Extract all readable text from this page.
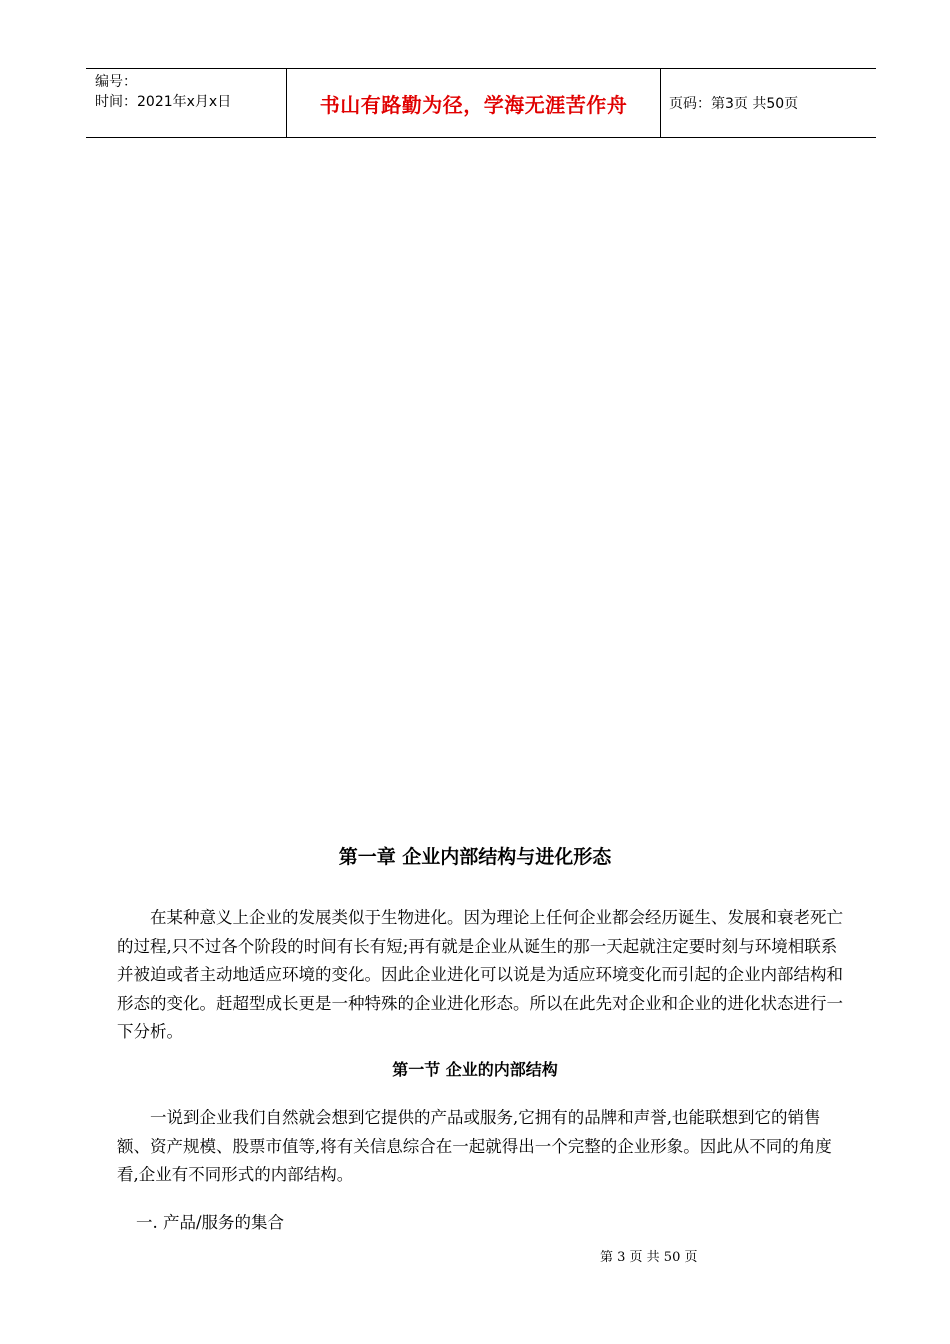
编号：
时间：2021年x月x日	书山有路勤为径，学海无涯苦作舟	页码：第3页 共50页
第一章 企业内部结构与进化形态
在某种意义上企业的发展类似于生物进化。因为理论上任何企业都会经历诞生、发展和衰老死亡的过程,只不过各个阶段的时间有长有短;再有就是企业从诞生的那一天起就注定要时刻与环境相联系并被迫或者主动地适应环境的变化。因此企业进化可以说是为适应环境变化而引起的企业内部结构和形态的变化。赶超型成长更是一种特殊的企业进化形态。所以在此先对企业和企业的进化状态进行一下分析。
第一节 企业的内部结构
一说到企业我们自然就会想到它提供的产品或服务,它拥有的品牌和声誉,也能联想到它的销售额、资产规模、股票市值等,将有关信息综合在一起就得出一个完整的企业形象。因此从不同的角度看,企业有不同形式的内部结构。
一. 产品/服务的集合
第 3 页 共 50 页
